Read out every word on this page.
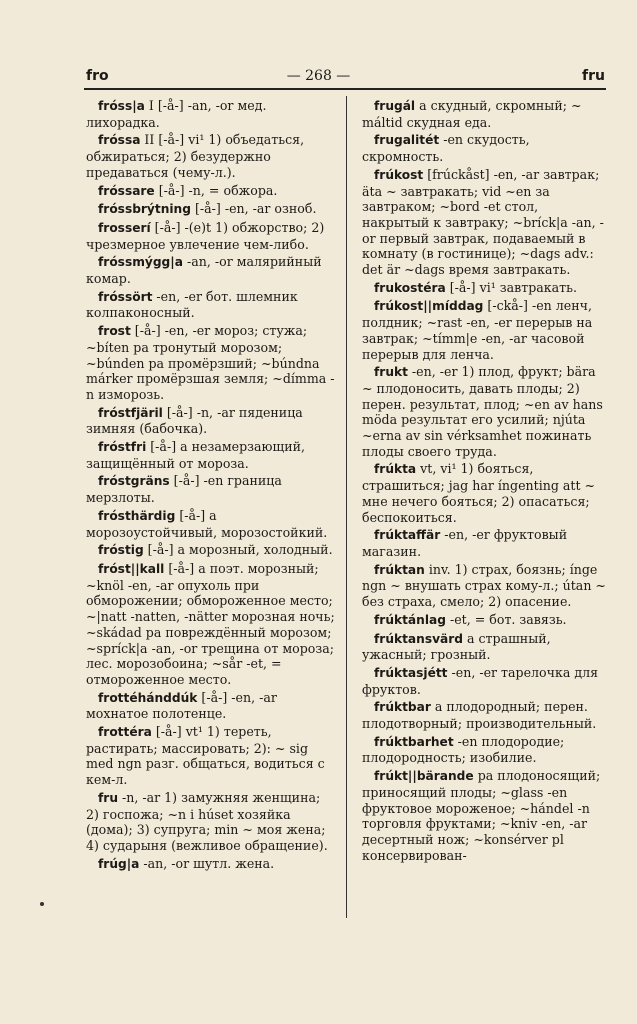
fro	— 268 —	fru

fróss|a I [-å-] -an, -or мед. лихорадка.

fróssa II [-å-] vi¹ 1) объедаться, обжираться; 2) безудержно предаваться (чему-л.).

fróssare [-å-] -n, = обжора.

fróssbrýtning [-å-] -en, -ar озноб.

frosserí [-å-] -(e)t 1) обжорство; 2) чрезмерное увлечение чем-либо.

fróssmýgg|a -an, -or малярийный комар.

fróssört -en, -er бот. шлемник колпаконосный.

frost [-å-] -en, -er мороз; стужа; ~bíten pa тронутый морозом; ~búnden pa промёрзший; ~búndna márker промёрзшая земля; ~dímma -n изморозь.

fróstfjäril [-å-] -n, -ar пяденица зимняя (бабочка).

fróstfri [-å-] a незамерзающий, защищённый от мороза.

fróstgräns [-å-] -en граница мерзлоты.

frósthärdig [-å-] a морозоустойчивый, морозостойкий.

fróstig [-å-] a морозный, холодный.

fróst||kall [-å-] a поэт. морозный; ~knöl -en, -ar опухоль при обморожении; обмороженное место; ~|natt -natten, -nätter морозная ночь; ~skádad pa повреждённый морозом; ~spríck|a -an, -or трещина от мороза; лес. морозобоина; ~sår -et, = отмороженное место.

frottéhánddúk [-å-] -en, -ar мохнатое полотенце.

frottéra [-å-] vt¹ 1) тереть, растирать; массировать; 2): ~ sig med ngn разг. общаться, водиться с кем-л.

fru -n, -ar 1) замужняя женщина; 2) госпожа; ~n i húset хозяйка (дома); 3) супруга; min ~ моя жена; 4) сударыня (вежливое обращение).

frúg|a -an, -or шутл. жена.

frugál a скудный, скромный; ~ máltid скудная еда.

frugalitét -en скудость, скромность.

frúkost [frúckåst] -en, -ar завтрак; äta ~ завтракать; vid ~en за завтраком; ~bord -et стол, накрытый к завтраку; ~bríck|a -an, -or первый завтрак, подаваемый в комнату (в гостинице); ~dags adv.: det är ~dags время завтракать.

frukostéra [-å-] vi¹ завтракать.

frúkost||míddag [-ckå-] -en ленч, полдник; ~rast -en, -er перерыв на завтрак; ~tímm|e -en, -ar часовой перерыв для ленча.

frukt -en, -er 1) плод, фрукт; bära ~ плодоносить, давать плоды; 2) перен. результат, плод; ~en av hans möda результат его усилий; njúta ~erna av sin vérksamhet пожинать плоды своего труда.

frúkta vt, vi¹ 1) бояться, страшиться; jag har íngenting att ~ мне нечего бояться; 2) опасаться; беспокоиться.

frúktaffär -en, -er фруктовый магазин.

frúktan inv. 1) страх, боязнь; ínge ngn ~ внушать страх кому-л.; útan ~ без страха, смело; 2) опасение.

frúktánlag -et, = бот. завязь.

frúktansvärd a страшный, ужасный; грозный.

frúktasjétt -en, -er тарелочка для фруктов.

frúktbar a плодородный; перен. плодотворный; производительный.

frúktbarhet -en плодородие; плодородность; изобилие.

frúkt||bärande pa плодоносящий; приносящий плоды; ~glass -en фруктовое мороженое; ~hándel -n торговля фруктами; ~kniv -en, -ar десертный нож; ~konsérver pl консервирован-
